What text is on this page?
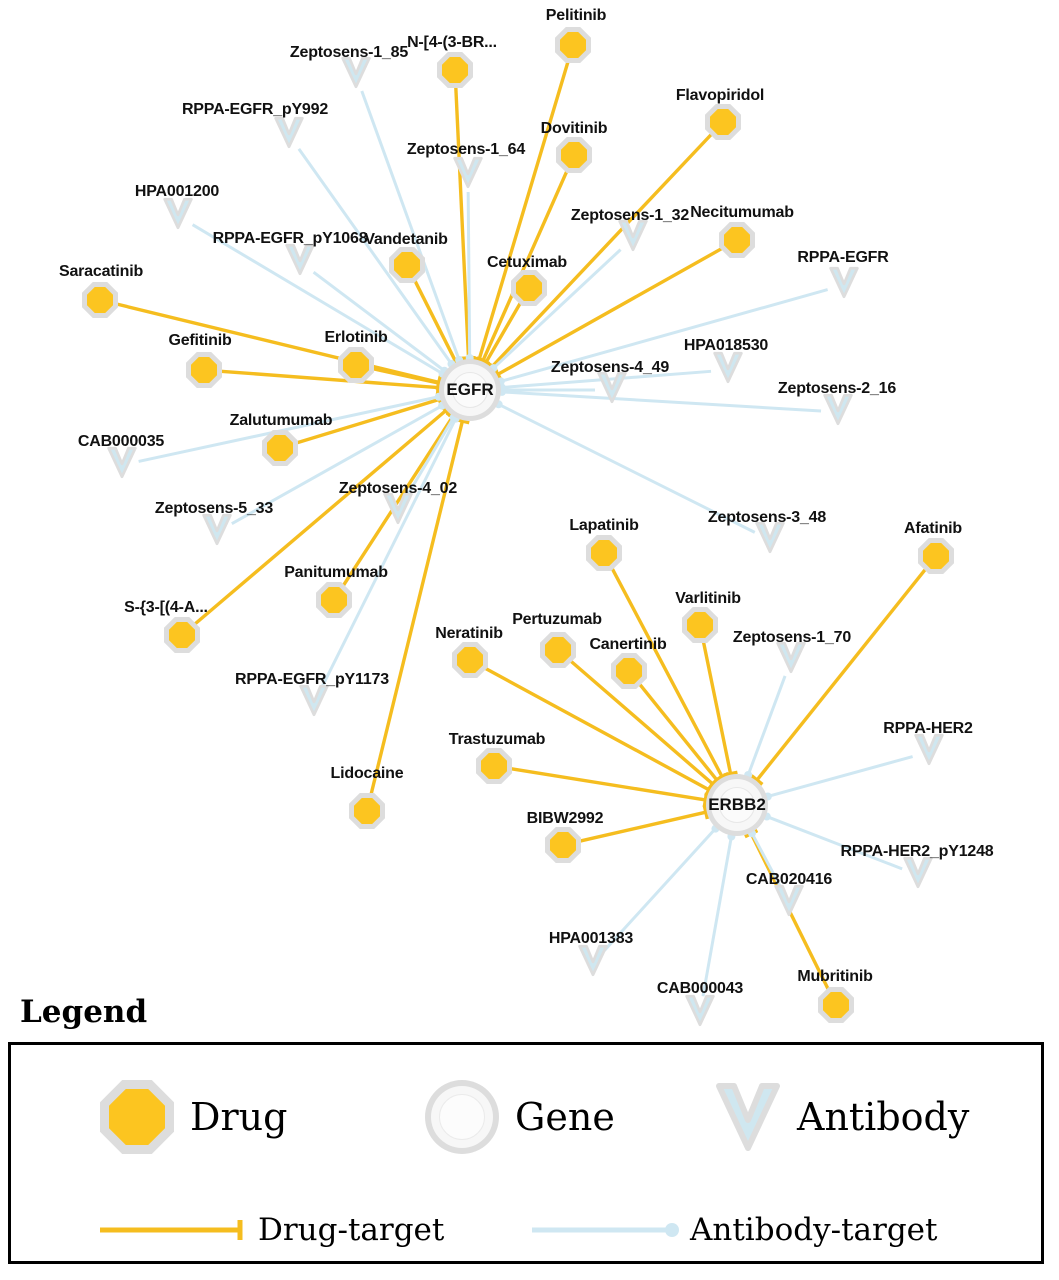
Pelitinib
N-[4-(3-BR...
Flavopiridol
Dovitinib
Necitumumab
Vandetanib
Cetuximab
Saracatinib
Gefitinib	Erlotinib
Zalutumumab
Lapatinib	Afatinib
Varlitinib
Panitumumab
S-{3-[(4-A...
Pertuzumab
Neratinib
Canertinib
Trastuzumab
Lidocaine
BIBW2992
Mubritinib
Zeptosens-1_85
RPPA-EGFR_pY992
Zeptosens-1_64
HPA001200
RPPA-EGFR_pY1068
Zeptosens-1_32
RPPA-EGFR
HPA018530
Zeptosens-4_49
Zeptosens-2_16
CAB000035
Zeptosens-4_02
Zeptosens-5_33
Zeptosens-3_48
RPPA-EGFR_pY1173
Zeptosens-1_70
RPPA-HER2
RPPA-HER2_pY1248
CAB020416
HPA001383
CAB000043
EGFR
ERBB2
Legend
Drug	Gene	Antibody
Drug-target	Antibody-target
